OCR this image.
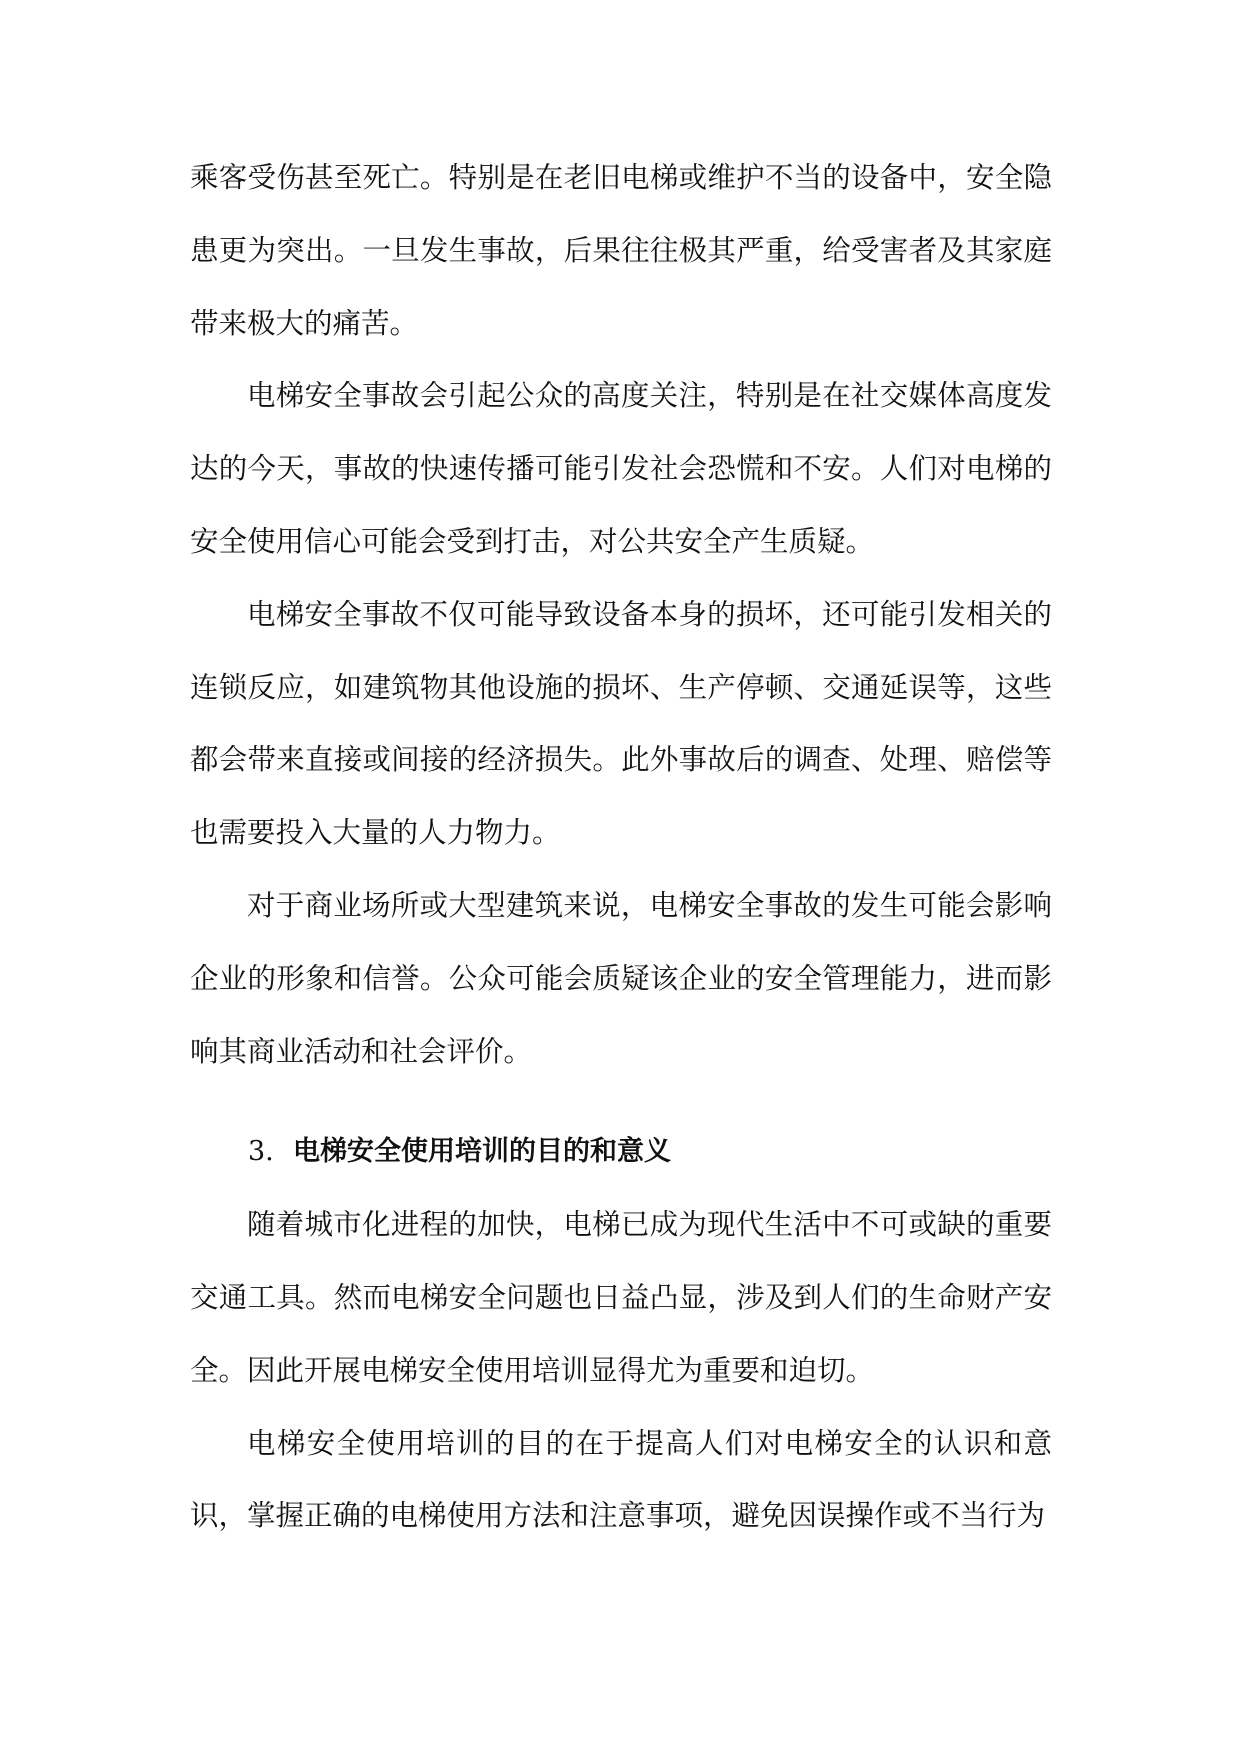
乘客受伤甚至死亡。特别是在老旧电梯或维护不当的设备中，安全隐患更为突出。一旦发生事故，后果往往极其严重，给受害者及其家庭带来极大的痛苦。

电梯安全事故会引起公众的高度关注，特别是在社交媒体高度发达的今天，事故的快速传播可能引发社会恐慌和不安。人们对电梯的安全使用信心可能会受到打击，对公共安全产生质疑。

电梯安全事故不仅可能导致设备本身的损坏，还可能引发相关的连锁反应，如建筑物其他设施的损坏、生产停顿、交通延误等，这些都会带来直接或间接的经济损失。此外事故后的调查、处理、赔偿等也需要投入大量的人力物力。

对于商业场所或大型建筑来说，电梯安全事故的发生可能会影响企业的形象和信誉。公众可能会质疑该企业的安全管理能力，进而影响其商业活动和社会评价。

3. 电梯安全使用培训的目的和意义

随着城市化进程的加快，电梯已成为现代生活中不可或缺的重要交通工具。然而电梯安全问题也日益凸显，涉及到人们的生命财产安全。因此开展电梯安全使用培训显得尤为重要和迫切。

电梯安全使用培训的目的在于提高人们对电梯安全的认识和意识，掌握正确的电梯使用方法和注意事项，避免因误操作或不当行为
